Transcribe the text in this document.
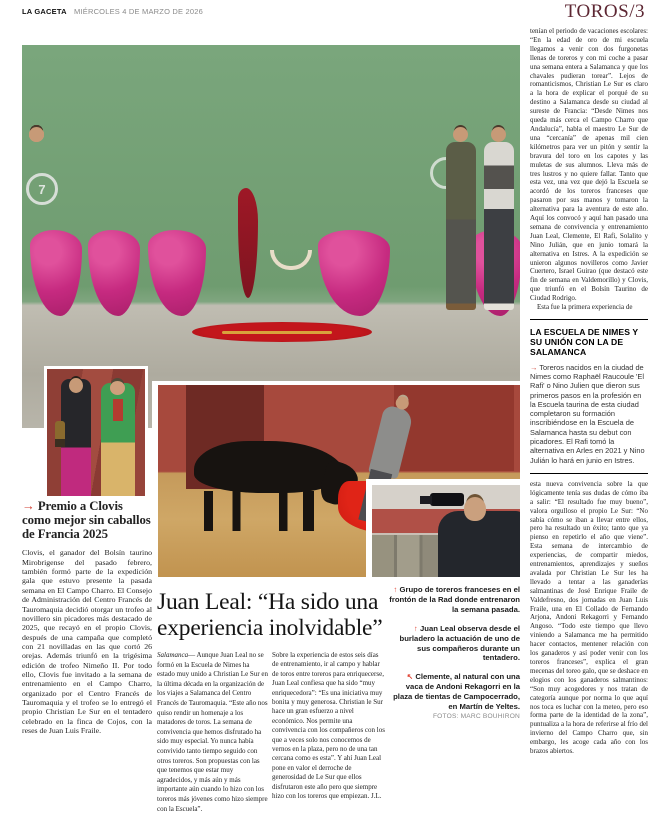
LA GACETA MIÉRCOLES 4 DE MARZO DE 2026	TOROS/3
7
Juan Leal: “Ha sido una experiencia inolvidable”
Salamanca— Aunque Juan Leal no se formó en la Escuela de Nimes ha estado muy unido a Christian Le Sur en la última década en la organización de los viajes a Salamanca del Centro Francés de Tauromaquia. “Este año nos quiso rendir un homenaje a los matadores de toros. La semana de convivencia que hemos disfrutado ha sido muy especial. Yo nunca había convivido tanto tiempo seguido con otros toreros. Son propuestas con las que tenemos que estar muy agradecidos, y más aún y más importante aún cuando lo hizo con los toreros más jóvenes como hizo siempre con la Escuela”.
Sobre la experiencia de estos seis días de entrenamiento, ir al campo y hablar de toros entre toreros para enriquecerse, Juan Leal confiesa que ha sido “muy enriquecedora”: “Es una iniciativa muy bonita y muy generosa. Christian le Sur hace un gran esfuerzo a nivel económico. Nos permite una convivencia con los compañeros con los que a veces solo nos conocemos de vernos en la plaza, pero no de una tan cercana como es esta”. Y ahí Juan Leal pone en valor el derroche de generosidad de Le Sur que ellos disfrutaron este año pero que siempre hizo con los toreros que empiezan. J.L.
→ Premio a Clovis como mejor sin caballos de Francia 2025
Clovis, el ganador del Bolsín taurino Mirobrigense del pasado febrero, también formó parte de la expedición gala que estuvo presente la pasada semana en El Campo Charro. El Consejo de Administración del Centro Francés de Tauromaquia decidió otorgar un trofeo al novillero sin picadores más destacado de 2025, que recayó en el propio Clovis, después de una campaña que completó con 21 novilladas en las que cortó 26 orejas. Además triunfó en la trigésima edición de trofeo Nimeño II. Por todo ello, Clovis fue invitado a la semana de entrenamiento en el Campo Charro, organizado por el Centro Francés de Tauromaquia y el trofeo se lo entregó el propio Christian Le Sur en el tentadero celebrado en la finca de Cojos, con la reses de Juan Luis Fraile.

tenían el periodo de vacaciones escolares: “En la edad de oro de mi escuela llegamos a venir con dos furgonetas llenas de toreros y con mi coche a pasar una semana entera a Salamanca y que los chavales pudieran torear”. Lejos de romanticismos, Christian Le Sur es claro a la hora de explicar el porqué de su destino a Salamanca desde su ciudad al sureste de Francia: “Desde Nimes nos queda más cerca el Campo Charro que Andalucía”, habla el maestro Le Sur de una “cercanía” de apenas mil cien kilómetros para ver un pitón y sentir la bravura del toro en los capotes y las muletas de sus alumnos. Lleva más de tres lustros y no quiere fallar. Tanto que esta vez, una vez que dejó la Escuela se acordó de los toreros franceses que pasaron por sus manos y tomaron la alternativa para la aventura de este año. Aquí los convocó y aquí han pasado una semana de convivencia y entrenamiento Juan Leal, Clemente, El Rafi, Solalito y Nino Julián, que en junio tomará la alternativa en Istres. A la expedición se unieron algunos novilleros como Javier Cuertero, Israel Guirao (que destacó este fin de semana en Valdemorillo) y Clovis, que triunfó en el Bolsín Taurino de Ciudad Rodrigo.

Esta fue la primera experiencia de

LA ESCUELA DE NIMES Y SU UNIÓN CON LA DE SALAMANCA
→ Toreros nacidos en la ciudad de Nimes como Raphaël Raucoule 'El Rafi' o Nino Julien que dieron sus primeros pasos en la profesión en la Escuela taurina de esta ciudad completaron su formación inscribiéndose en la Escuela de Salamanca hasta su debut con picadores. El Rafi tomó la alternativa en Arles en 2021 y Nino Julián lo hará en junio en Istres.

esta nueva convivencia sobre la que lógicamente tenía sus dudas de cómo iba a salir: “El resultado fue muy bueno”, valora orgulloso el propio Le Sur: “No sabía cómo se iban a llevar entre ellos, pero ha resultado un éxito; tanto que ya pienso en repetirlo el año que viene”. Esta semana de intercambio de experiencias, de compartir miedos, entrenamientos, aprendizajes y sueños avalada por Christian Le Sur les ha llevado a tentar a las ganaderías salmantinas de José Enrique Fraile de Valdefresno, dos jornadas en Juan Luis Fraile, una en El Collado de Fernando Arjona, Andoni Rekagorri y Fernando Angoso. “Todo este tiempo que llevo viniendo a Salamanca me ha permitido hacer contactos, mentener relación con los ganaderos y así poder venir con los toreros franceses”, explica el gran mecenas del toreo galo, que se deshace en elogios con los ganaderos salmantinos: “Son muy acogedores y nos tratan de categoría aunque por norma lo que aquí nos toca es luchar con la meteo, pero eso forma parte de la identidad de la zona”, puntualiza a la hora de referirse al frío del invierno del Campo Charro que, sin embargo, les acoge cada año con los brazos abiertos.

↑ Grupo de toreros franceses en el frontón de la Rad donde entrenaron la semana pasada.
↑ Juan Leal observa desde el burladero la actuación de uno de sus compañeros durante un tentadero.
↖ Clemente, al natural con una vaca de Andoni Rekagorri en la plaza de tientas de Campocerrado, en Martín de Yeltes.
FOTOS: MARC BOUHIRON
